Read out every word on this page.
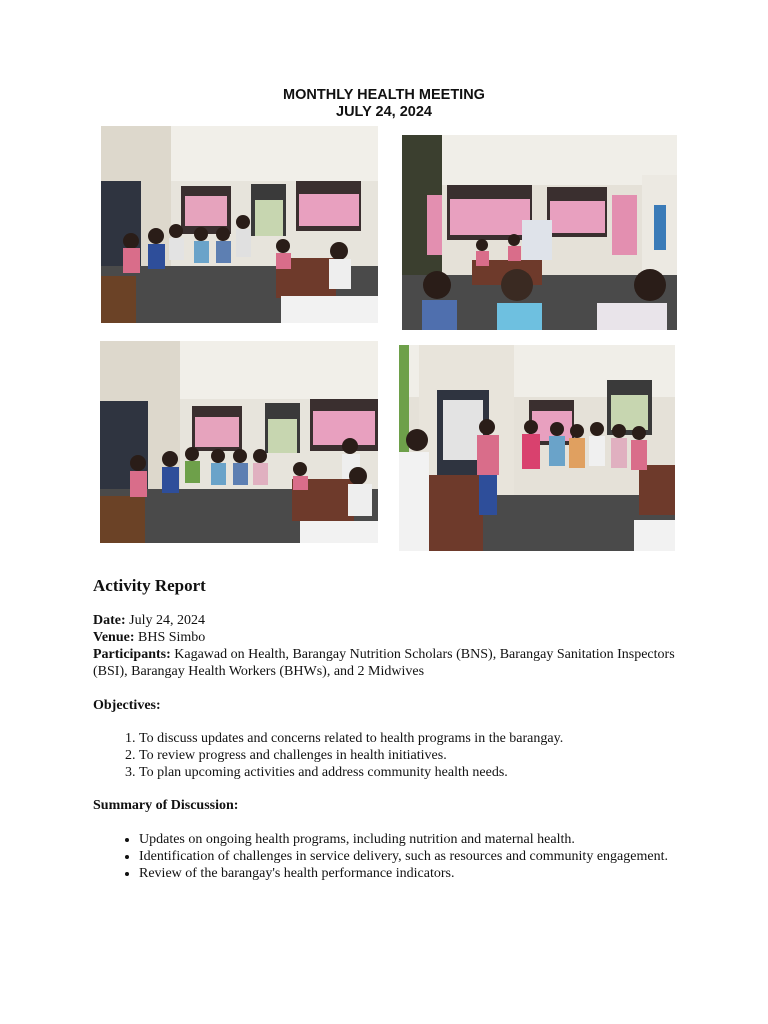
MONTHLY HEALTH MEETING
JULY 24, 2024
Activity Report
Date: July 24, 2024
Venue: BHS Simbo
Participants: Kagawad on Health, Barangay Nutrition Scholars (BNS), Barangay Sanitation Inspectors (BSI), Barangay Health Workers (BHWs), and 2 Midwives
Objectives:
1. To discuss updates and concerns related to health programs in the barangay.
2. To review progress and challenges in health initiatives.
3. To plan upcoming activities and address community health needs.
Summary of Discussion:
• Updates on ongoing health programs, including nutrition and maternal health.
• Identification of challenges in service delivery, such as resources and community engagement.
• Review of the barangay's health performance indicators.
